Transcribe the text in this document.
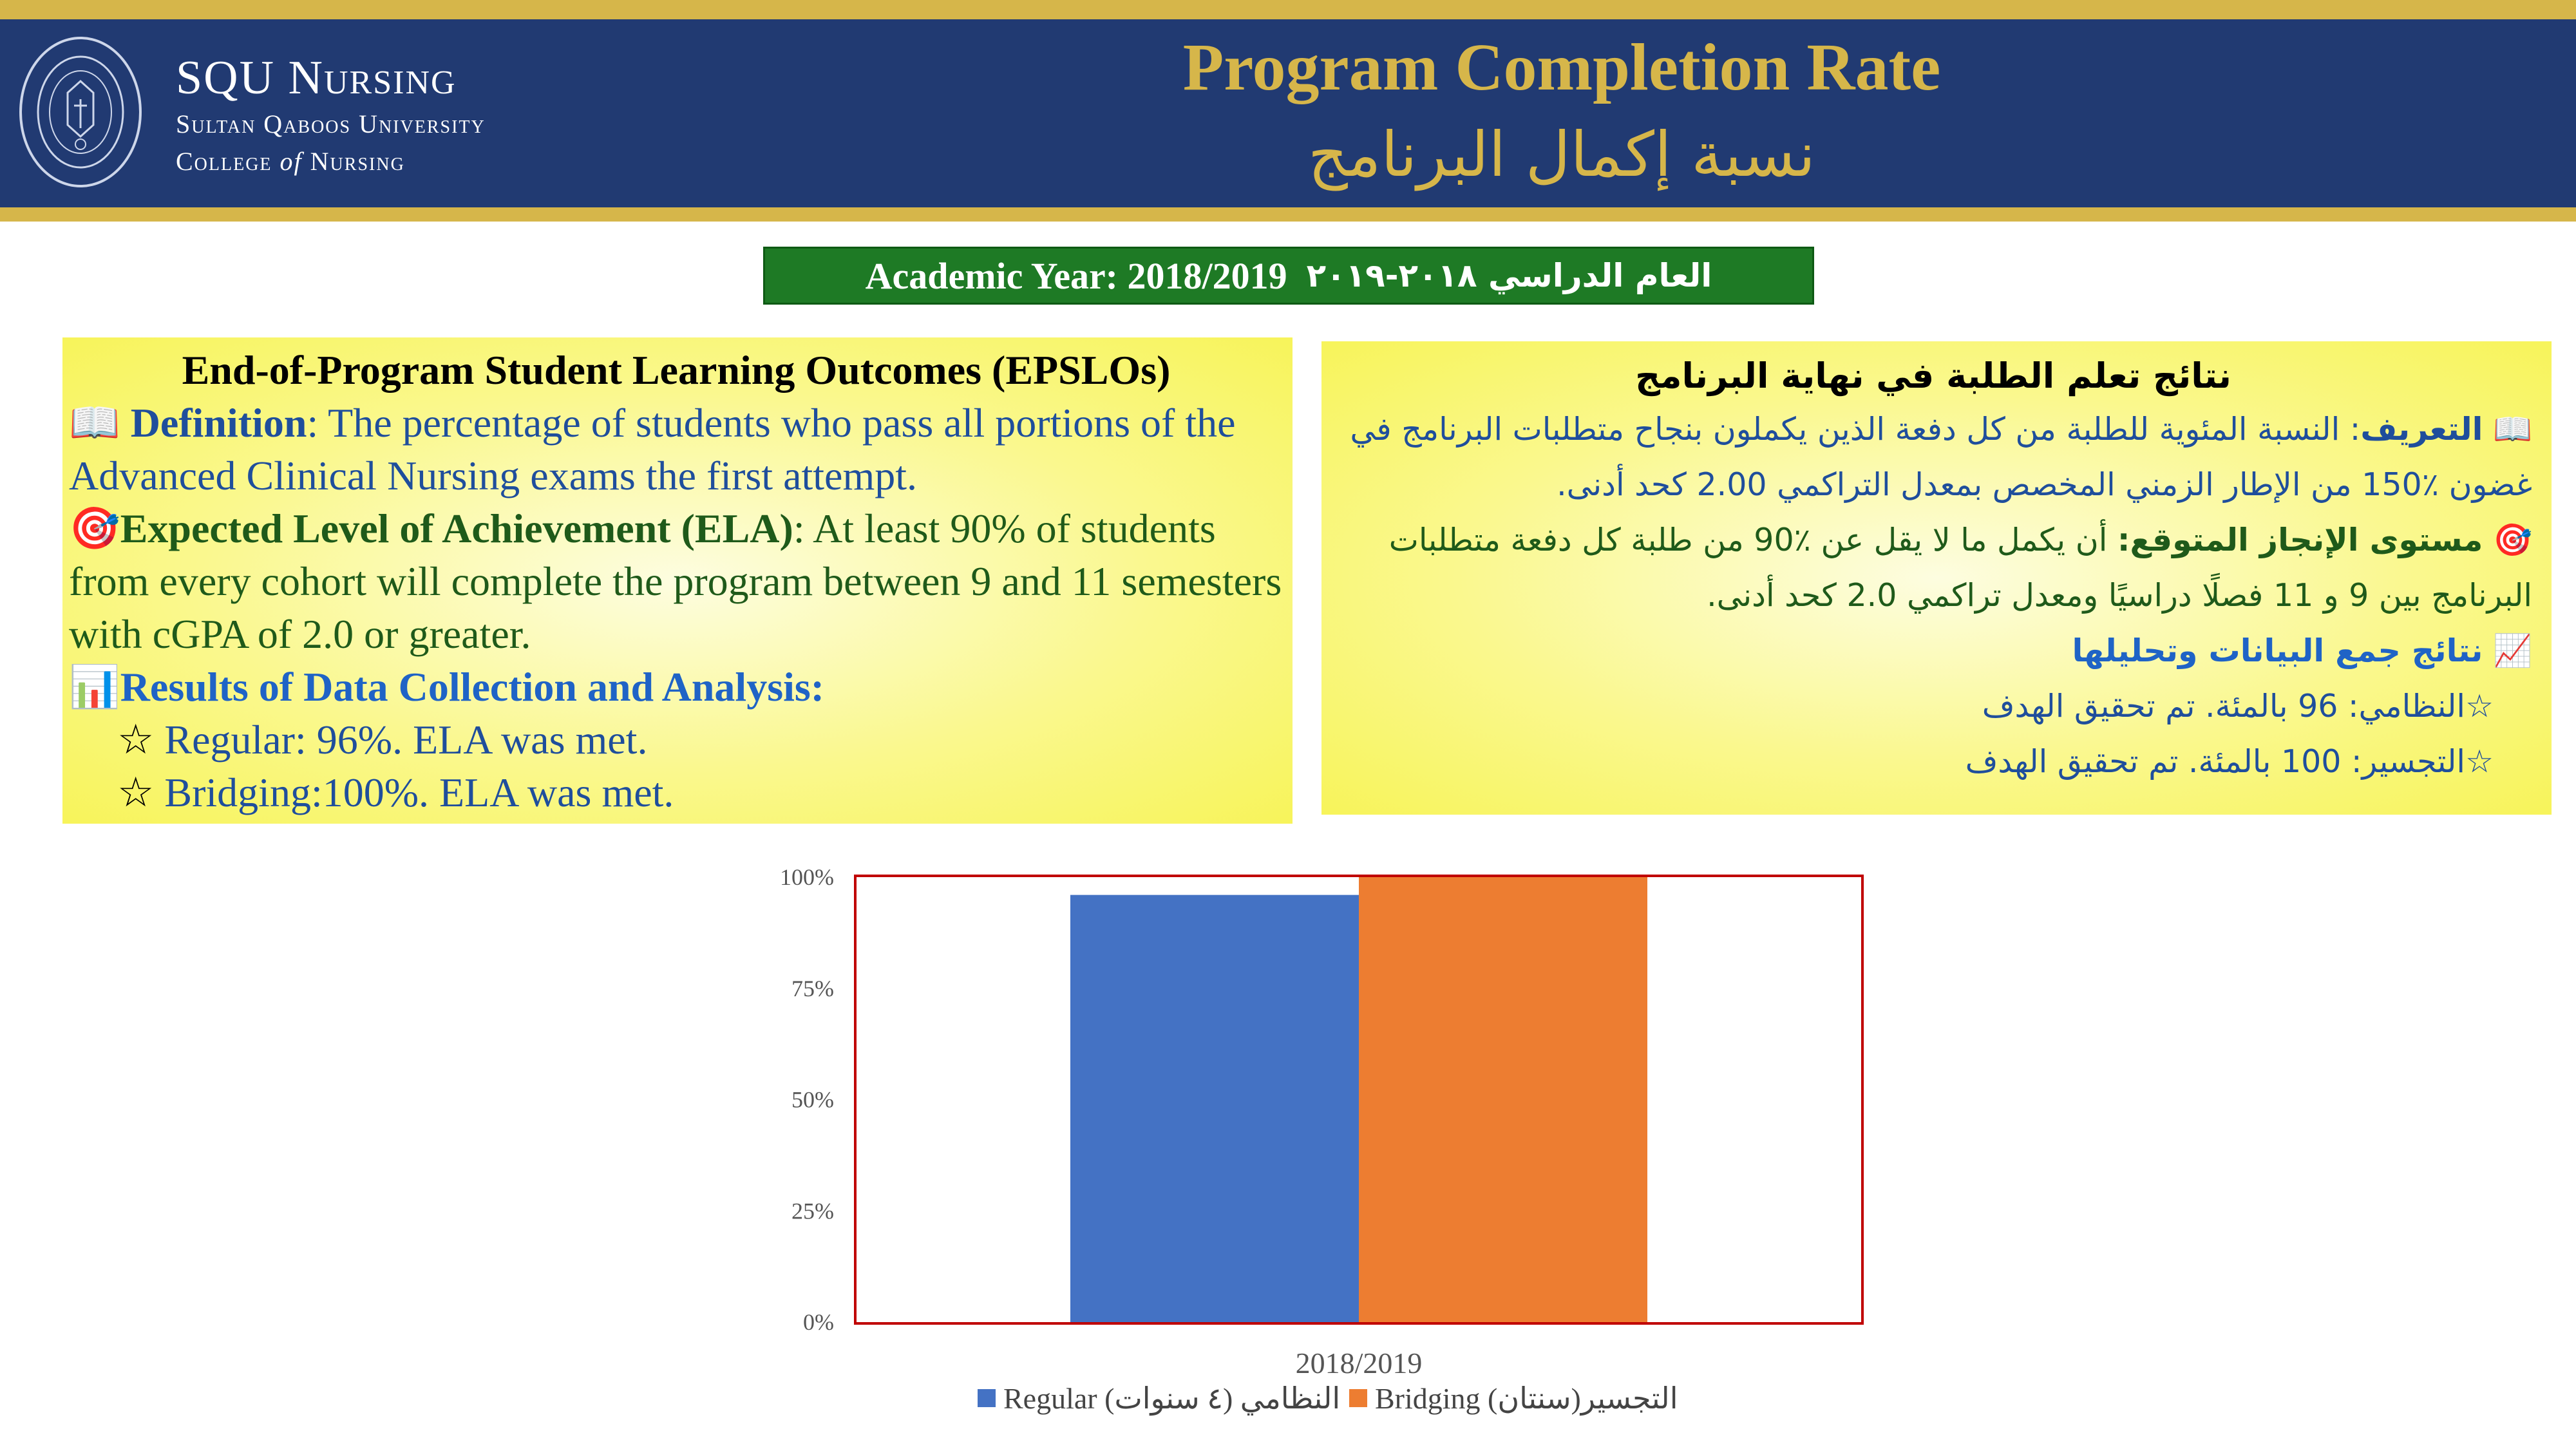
SQU Nursing
Sultan Qaboos University
College of Nursing
Program Completion Rate
نسبة إكمال البرنامج
Academic Year: 2018/2019 العام الدراسي ٢٠١٨-٢٠١٩
End-of-Program Student Learning Outcomes (EPSLOs)
📖 Definition: The percentage of students who pass all portions of the Advanced Clinical Nursing exams the first attempt.
🎯Expected Level of Achievement (ELA): At least 90% of students from every cohort will complete the program between 9 and 11 semesters with cGPA of 2.0 or greater.
📊Results of Data Collection and Analysis:
☆ Regular: 96%. ELA was met.
☆ Bridging:100%. ELA was met.
نتائج تعلم الطلبة في نهاية البرنامج
📖 التعريف: النسبة المئوية للطلبة من كل دفعة الذين يكملون بنجاح متطلبات البرنامج في غضون ٪150 من الإطار الزمني المخصص بمعدل التراكمي 2.00 كحد أدنى.
🎯 مستوى الإنجاز المتوقع: أن يكمل ما لا يقل عن ٪90 من طلبة كل دفعة متطلبات البرنامج بين 9 و 11 فصلًا دراسيًا ومعدل تراكمي 2.0 كحد أدنى.
📈 نتائج جمع البيانات وتحليلها
☆النظامي: 96 بالمئة. تم تحقيق الهدف
☆التجسير: 100 بالمئة. تم تحقيق الهدف
0%
25%
50%
75%
100%
2018/2019
Regular (النظامي (٤ سنوات Bridging (التجسير(سنتان
